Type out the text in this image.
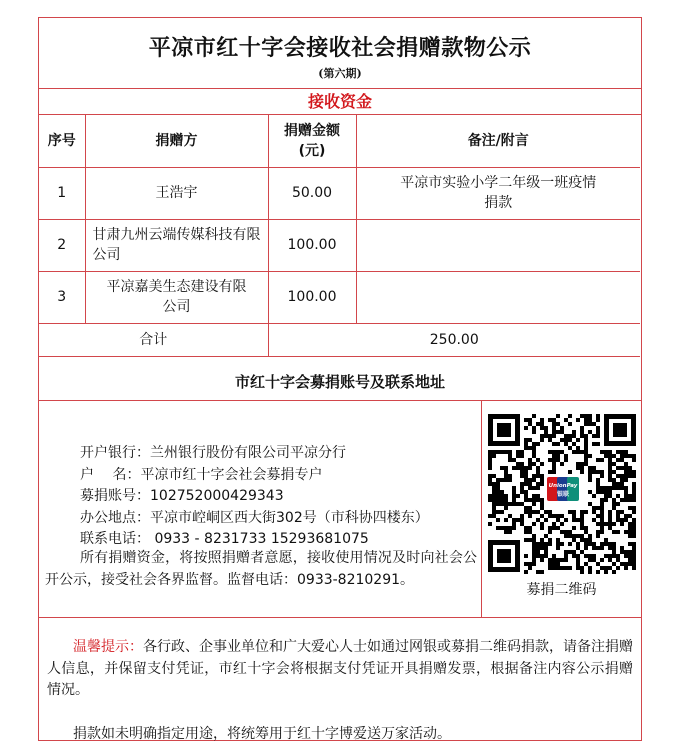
平凉市红十字会接收社会捐赠款物公示
(第六期)
接收资金
序号	捐赠方	捐赠金额(元)	备注/附言
1	王浩宇	50.00	平凉市实验小学二年级一班疫情捐款

2	甘肃九州云端传媒科技有限公司	100.00	
3	平凉嘉美生态建设有限公司	100.00	
合计		250.00	
市红十字会募捐账号及联系地址
开户银行：兰州银行股份有限公司平凉分行
户　 名：平凉市红十字会社会募捐专户
募捐账号：102752000429343
办公地点：平凉市崆峒区西大街302号（市科协四楼东）
联系电话： 0933 - 8231733 15293681075
所有捐赠资金，将按照捐赠者意愿，接收使用情况及时向社会公开公示，接受社会各界监督。监督电话：0933-8210291。
UnionPay
银联
募捐二维码
温馨提示：各行政、企事业单位和广大爱心人士如通过网银或募捐二维码捐款，请备注捐赠人信息，并保留支付凭证，市红十字会将根据支付凭证开具捐赠发票，根据备注内容公示捐赠情况。
捐款如未明确指定用途，将统筹用于红十字博爱送万家活动。
